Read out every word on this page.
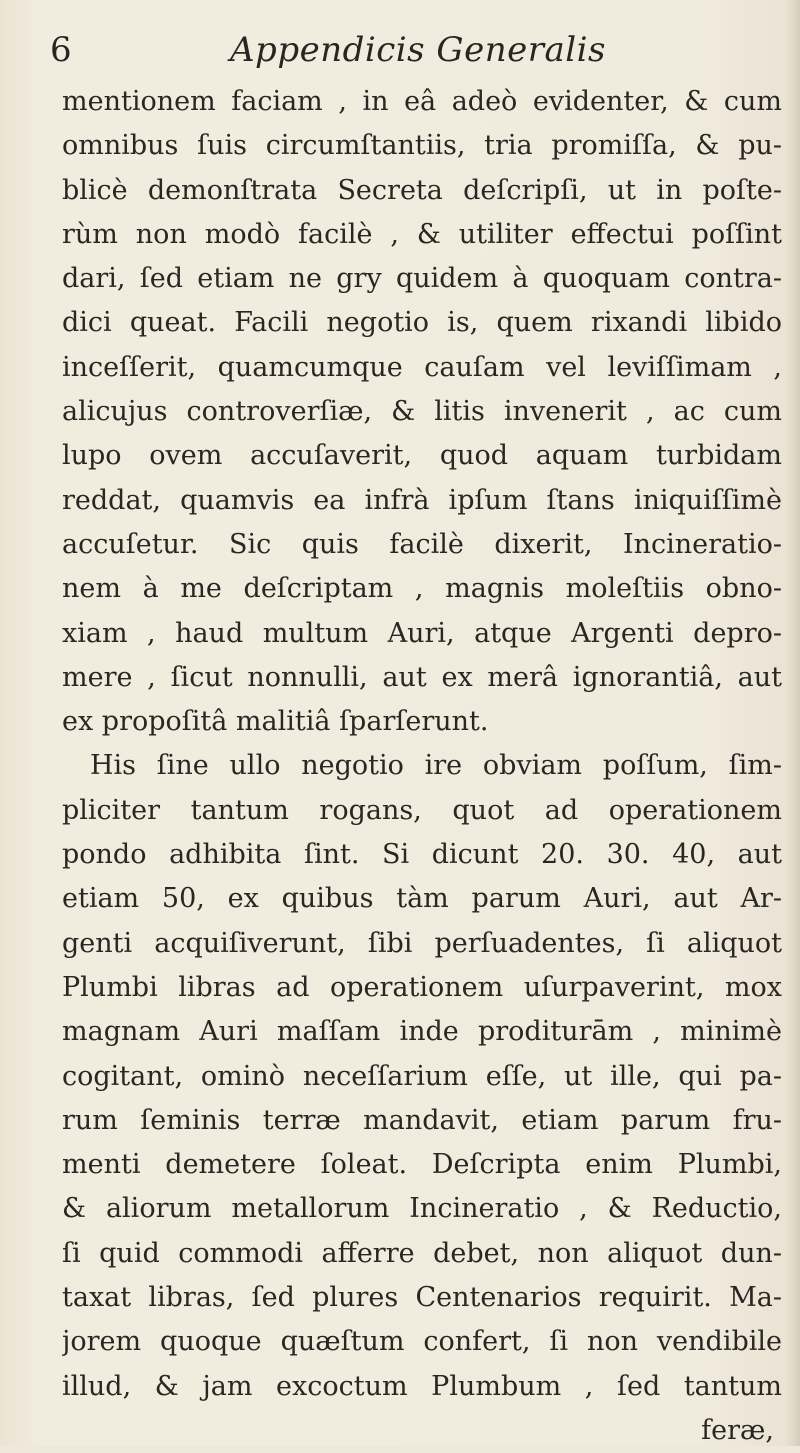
6	Appendicis Generalis
mentionem faciam , in eâ adeò evidenter, & cum
omnibus ſuis circumſtantiis, tria promiſſa, & pu-
blicè demonſtrata Secreta deſcripſi, ut in poſte-
rùm non modò facilè , & utiliter effectui poſſint
dari, ſed etiam ne gry quidem à quoquam contra-
dici queat. Facili negotio is, quem rixandi libido
inceſſerit, quamcumque cauſam vel leviſſimam ,
alicujus controverſiæ, & litis invenerit , ac cum
lupo ovem accuſaverit, quod aquam turbidam
reddat, quamvis ea infrà ipſum ſtans iniquiſſimè
accuſetur. Sic quis facilè dixerit, Incineratio-
nem à me deſcriptam , magnis moleſtiis obno-
xiam , haud multum Auri, atque Argenti depro-
mere , ſicut nonnulli, aut ex merâ ignorantiâ, aut
ex propoſitâ malitiâ ſparſerunt.
His ſine ullo negotio ire obviam poſſum, ſim-
pliciter tantum rogans, quot ad operationem
pondo adhibita ſint. Si dicunt 20. 30. 40, aut
etiam 50, ex quibus tàm parum Auri, aut Ar-
genti acquiſiverunt, ſibi perſuadentes, ſi aliquot
Plumbi libras ad operationem uſurpaverint, mox
magnam Auri maſſam inde proditurām , minimè
cogitant, ominò neceſſarium eſſe, ut ille, qui pa-
rum ſeminis terræ mandavit, etiam parum fru-
menti demetere ſoleat. Deſcripta enim Plumbi,
& aliorum metallorum Incineratio , & Reductio,
ſi quid commodi afferre debet, non aliquot dun-
taxat libras, ſed plures Centenarios requirit. Ma-
jorem quoque quæſtum confert, ſi non vendibile
illud, & jam excoctum Plumbum , ſed tantum
feræ,
